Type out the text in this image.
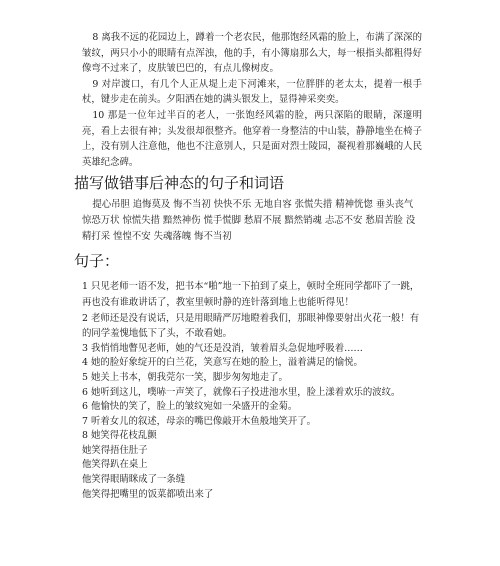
8 离我不远的花园边上，蹲着一个老农民，他那饱经风霜的脸上，布满了深深的皱纹，两只小小的眼睛有点浑浊，他的手，有小簿扇那么大，每一根指头都粗得好像弯不过来了，皮肤皱巴巴的，有点儿像树皮。

9 对岸渡口，有几个人正从堤上走下河滩来，一位胖胖的老太太，提着一根手杖，键步走在前头。夕阳洒在她的满头银发上，显得神采奕奕。

10 那是一位年过半百的老人，一张饱经风霜的脸，两只深陷的眼睛，深邃明亮，看上去很有神；头发很却很整齐。他穿着一身整洁的中山装，静静地坐在椅子上，没有别人注意他，他也不注意别人，只是面对烈士陵园，凝视着那巍峨的人民英雄纪念碑。

描写做错事后神态的句子和词语

提心吊胆 追悔莫及 悔不当初 快快不乐 无地自容 张慌失措 精神恍惚 垂头丧气 惊恐万状 惊慌失措 黯然神伤 慌手慌脚 愁眉不展 黯然销魂 忐忑不安 愁眉苦脸 没精打采 惶惶不安 失魂落魄 悔不当初

句子：

1 只见老师一语不发，把书本“啪”地一下拍到了桌上，顿时全班同学都吓了一跳，再也没有谁敢讲话了，教室里顿时静的连针落到地上也能听得见！

2 老师还是没有说话，只是用眼睛严厉地瞪着我们，那眼神像要射出火花一般！有的同学羞愧地低下了头，不敢看她。

3 我悄悄地瞥见老师，她的气还是没消，皱着眉头急促地呼吸着……

4 她的脸好象绽开的白兰花，笑意写在她的脸上，溢着满足的愉悦。

5 她关上书本，朝我莞尔一笑，脚步匆匆地走了。

6 她听到这儿，噗哧一声笑了，就像石子投进池水里，脸上漾着欢乐的波纹。

6 他愉快的笑了，脸上的皱纹宛如一朵盛开的金菊。

7 听着女儿的叙述，母亲的嘴巴像敲开木鱼般地笑开了。

8 她笑得花枝乱颤

她笑得捂住肚子

他笑得趴在桌上

他笑得眼睛眯成了一条缝

他笑得把嘴里的饭菜都喷出来了
